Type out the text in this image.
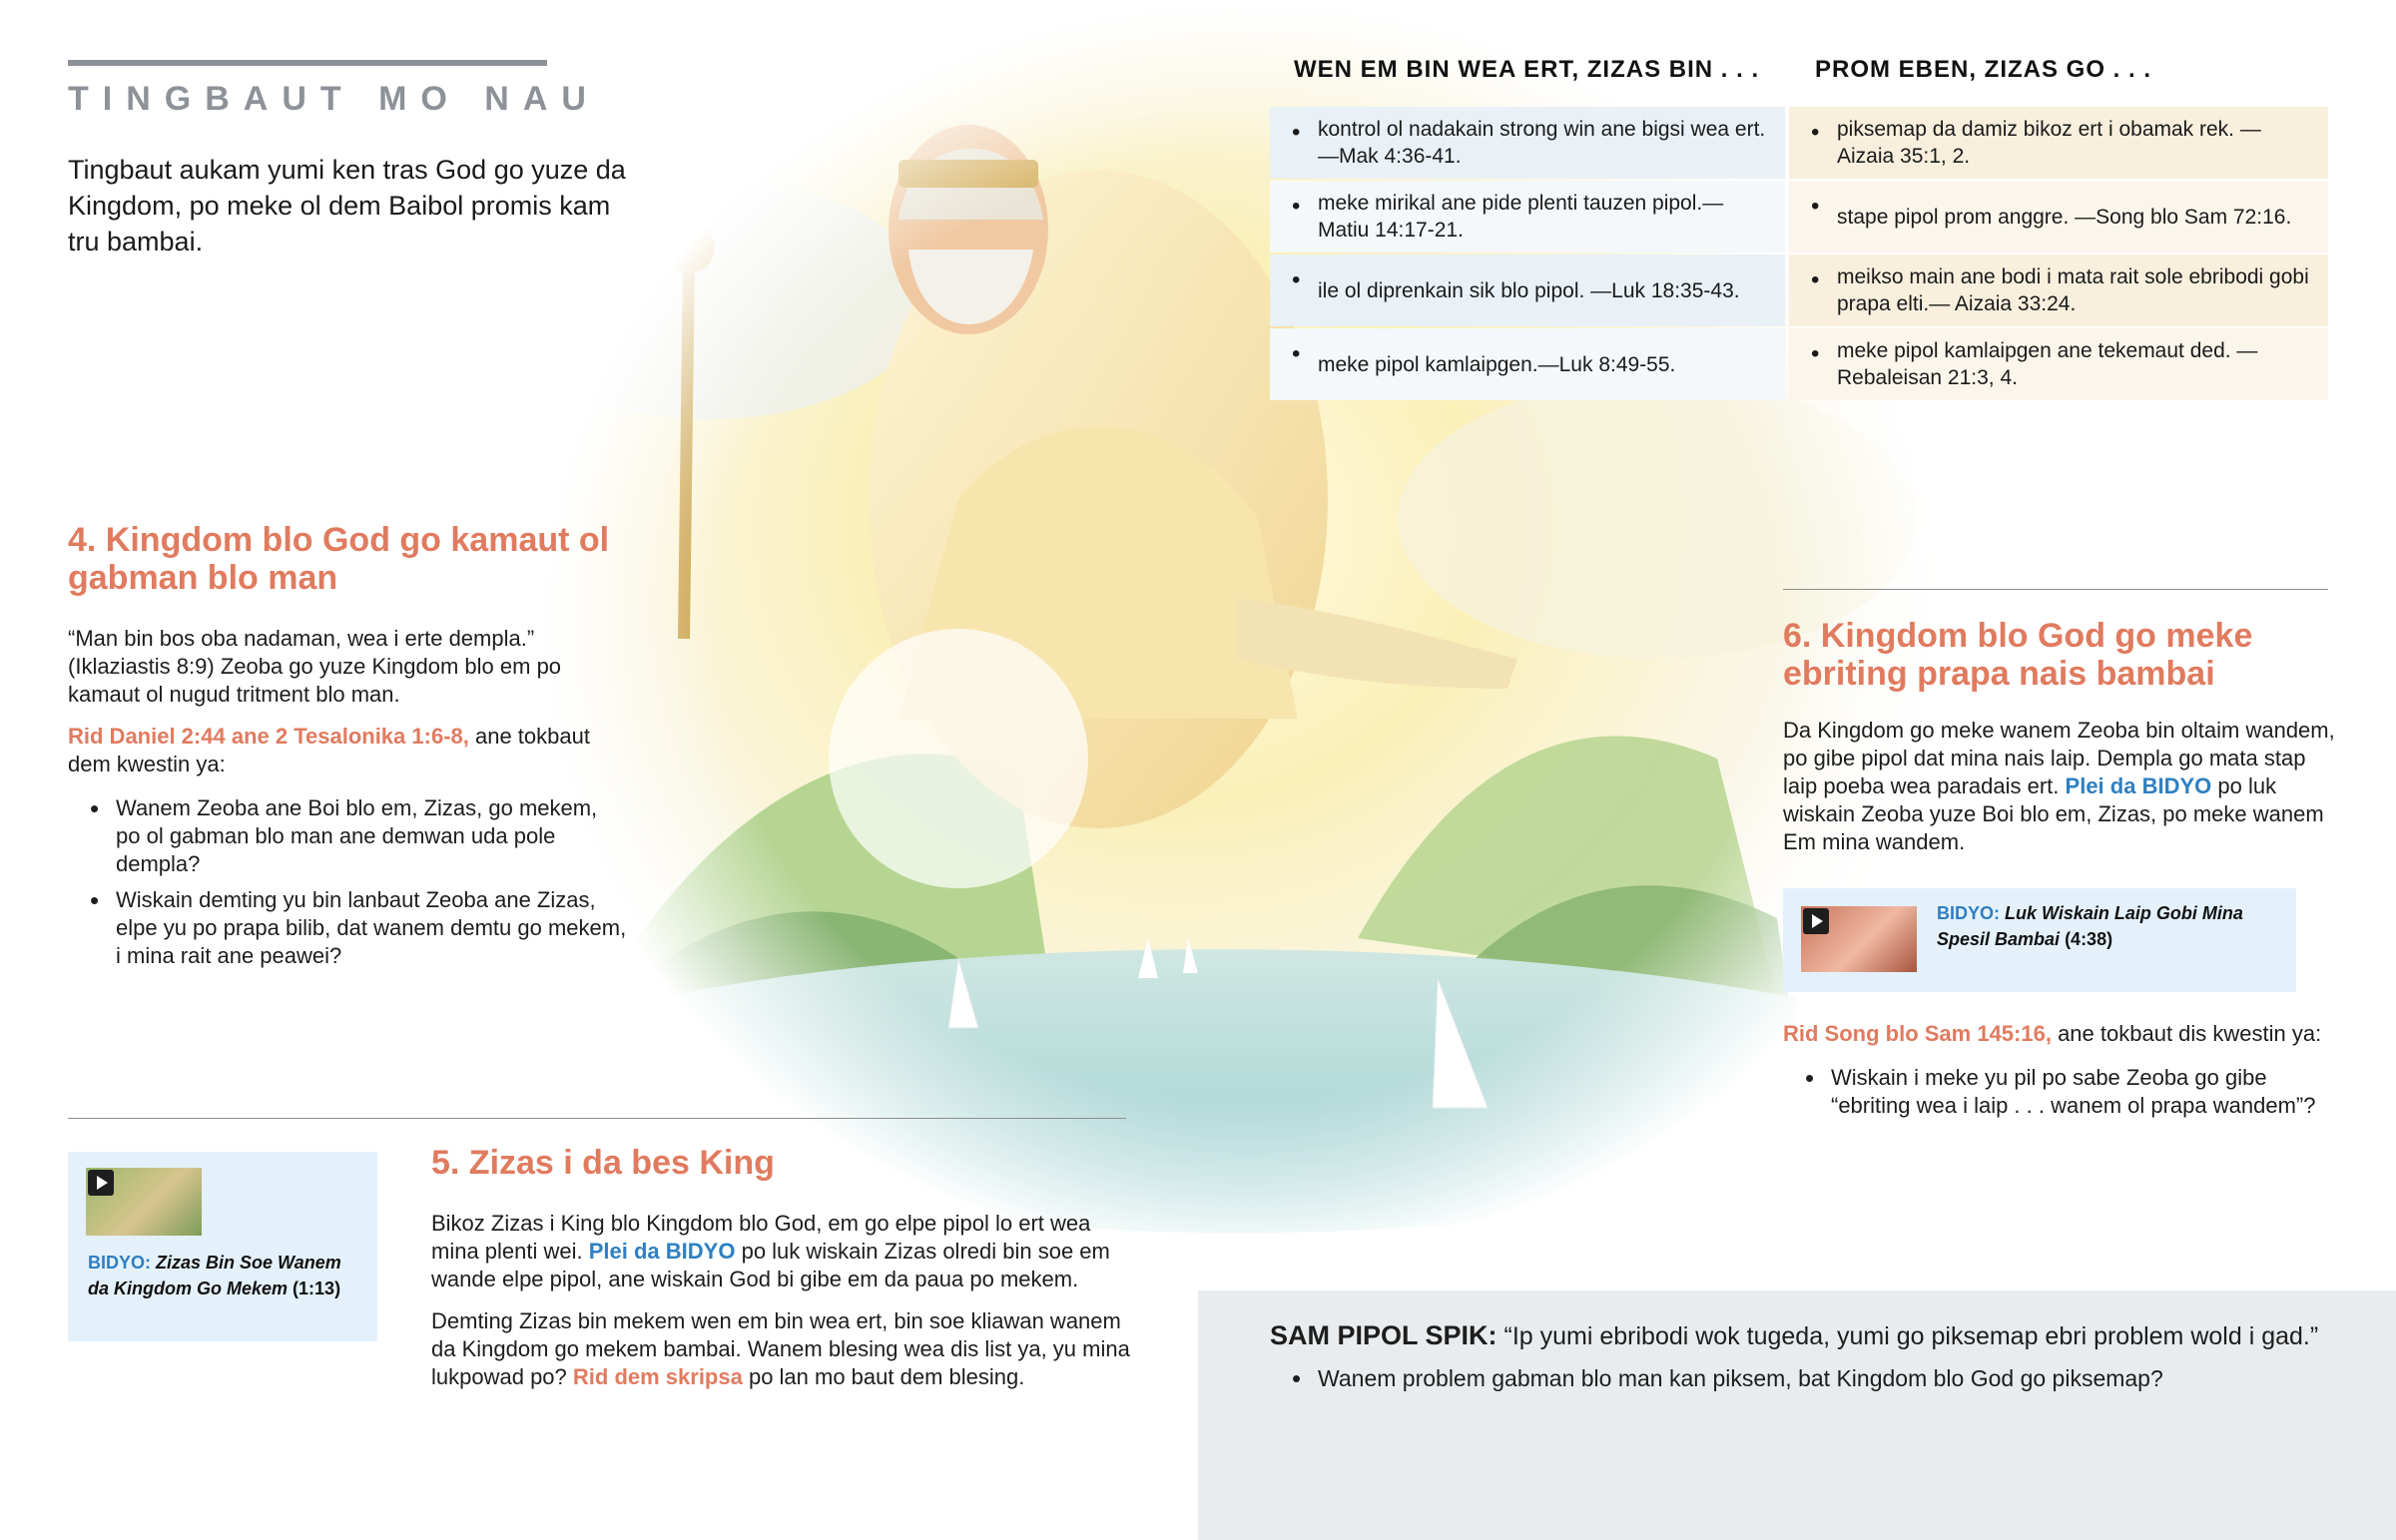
TINGBAUT MO NAU
Tingbaut aukam yumi ken tras God go yuze da Kingdom, po meke ol dem Baibol promis kam tru bambai.
WEN EM BIN WEA ERT, ZIZAS BIN . . . PROM EBEN, ZIZAS GO . . .
• kontrol ol nadakain strong win ane bigsi wea ert.—Mak 4:36-41.
• meke mirikal ane pide plenti tauzen pipol.—Matiu 14:17-21.
• ile ol diprenkain sik blo pipol. —Luk 18:35-43.
• meke pipol kamlaipgen.—Luk 8:49-55.
• piksemap da damiz bikoz ert i obamak rek. —Aizaia 35:1, 2.
• stape pipol prom anggre. —Song blo Sam 72:16.
• meikso main ane bodi i mata rait sole ebribodi gobi prapa elti.— Aizaia 33:24.
• meke pipol kamlaipgen ane tekemaut ded. —Rebaleisan 21:3, 4.
4. Kingdom blo God go kamaut ol gabman blo man

“Man bin bos oba nadaman, wea i erte dempla.” (Iklaziastis 8:9) Zeoba go yuze Kingdom blo em po kamaut ol nugud tritment blo man.

Rid Daniel 2:44 ane 2 Tesalonika 1:6-8, ane tokbaut dem kwestin ya:

• Wanem Zeoba ane Boi blo em, Zizas, go mekem, po ol gabman blo man ane demwan uda pole dempla?
• Wiskain demting yu bin lanbaut Zeoba ane Zizas, elpe yu po prapa bilib, dat wanem demtu go mekem, i mina rait ane peawei?
BIDYO: Zizas Bin Soe Wanem da Kingdom Go Mekem (1:13)
5. Zizas i da bes King

Bikoz Zizas i King blo Kingdom blo God, em go elpe pipol lo ert wea mina plenti wei. Plei da BIDYO po luk wiskain Zizas olredi bin soe em wande elpe pipol, ane wiskain God bi gibe em da paua po mekem.

Demting Zizas bin mekem wen em bin wea ert, bin soe kliawan wanem da Kingdom go mekem bambai. Wanem blesing wea dis list ya, yu mina lukpowad po? Rid dem skripsa po lan mo baut dem blesing.

6. Kingdom blo God go meke ebriting prapa nais bambai

Da Kingdom go meke wanem Zeoba bin oltaim wandem, po gibe pipol dat mina nais laip. Dempla go mata stap laip poeba wea paradais ert. Plei da BIDYO po luk wiskain Zeoba yuze Boi blo em, Zizas, po meke wanem Em mina wandem.

BIDYO: Luk Wiskain Laip Gobi Mina Spesil Bambai (4:38)
Rid Song blo Sam 145:16, ane tokbaut dis kwestin ya:
• Wiskain i meke yu pil po sabe Zeoba go gibe “ebriting wea i laip . . . wanem ol prapa wandem”?
SAM PIPOL SPIK: “Ip yumi ebribodi wok tugeda, yumi go piksemap ebri problem wold i gad.”
• Wanem problem gabman blo man kan piksem, bat Kingdom blo God go piksemap?
